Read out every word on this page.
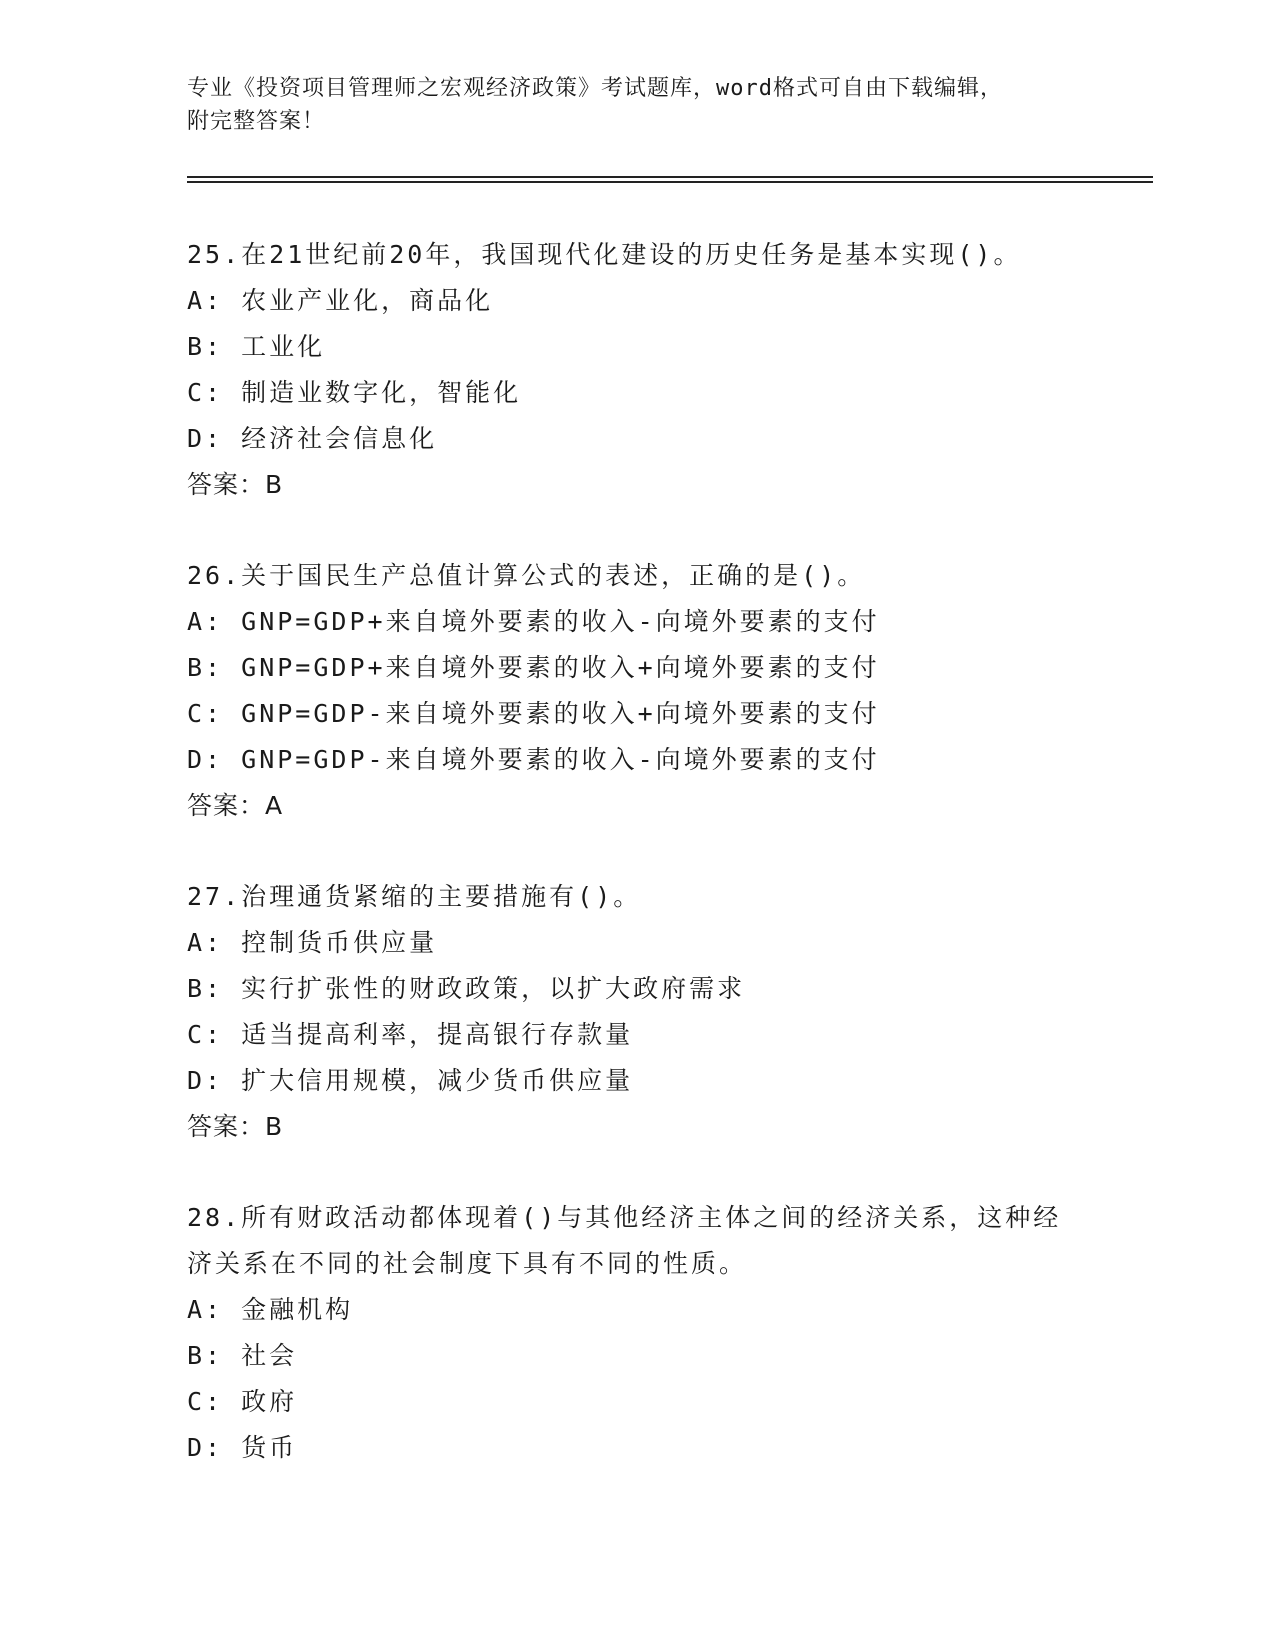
专业《投资项目管理师之宏观经济政策》考试题库，word格式可自由下载编辑，
附完整答案！
25.在21世纪前20年，我国现代化建设的历史任务是基本实现()。
A: 农业产业化，商品化
B: 工业化
C: 制造业数字化，智能化
D: 经济社会信息化
答案：B
26.关于国民生产总值计算公式的表述，正确的是()。
A: GNP=GDP+来自境外要素的收入-向境外要素的支付
B: GNP=GDP+来自境外要素的收入+向境外要素的支付
C: GNP=GDP-来自境外要素的收入+向境外要素的支付
D: GNP=GDP-来自境外要素的收入-向境外要素的支付
答案：A
27.治理通货紧缩的主要措施有()。
A: 控制货币供应量
B: 实行扩张性的财政政策，以扩大政府需求
C: 适当提高利率，提高银行存款量
D: 扩大信用规模，减少货币供应量
答案：B
28.所有财政活动都体现着()与其他经济主体之间的经济关系，这种经济关系在不同的社会制度下具有不同的性质。
A: 金融机构
B: 社会
C: 政府
D: 货币
